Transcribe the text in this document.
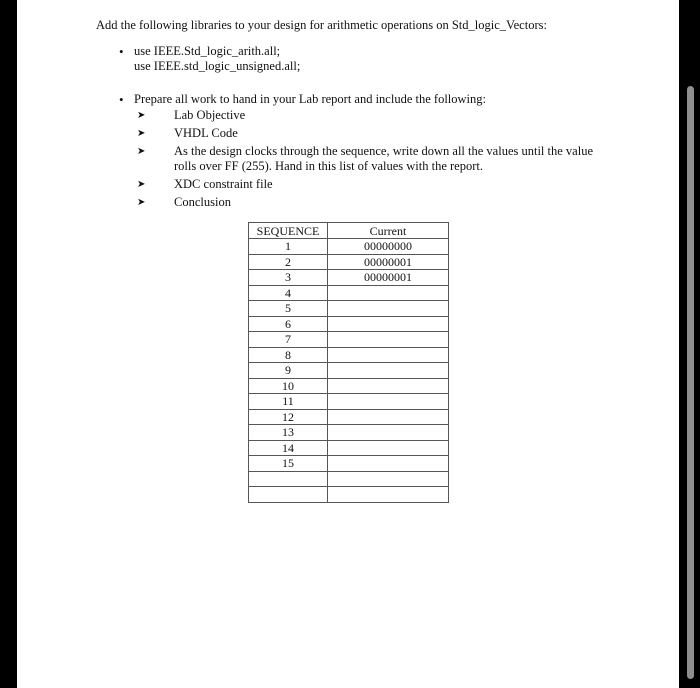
Add the following libraries to your design for arithmetic operations on Std_logic_Vectors:
• use IEEE.Std_logic_arith.all;
use IEEE.std_logic_unsigned.all;
• Prepare all work to hand in your Lab report and include the following:
➤ Lab Objective
➤ VHDL Code
➤ As the design clocks through the sequence, write down all the values until the value rolls over FF (255). Hand in this list of values with the report.
➤ XDC constraint file
➤ Conclusion
SEQUENCE	Current
1	00000000
2	00000001
3	00000001
4	
5	
6	
7	
8	
9	
10	
11	
12	
13	
14	
15	
